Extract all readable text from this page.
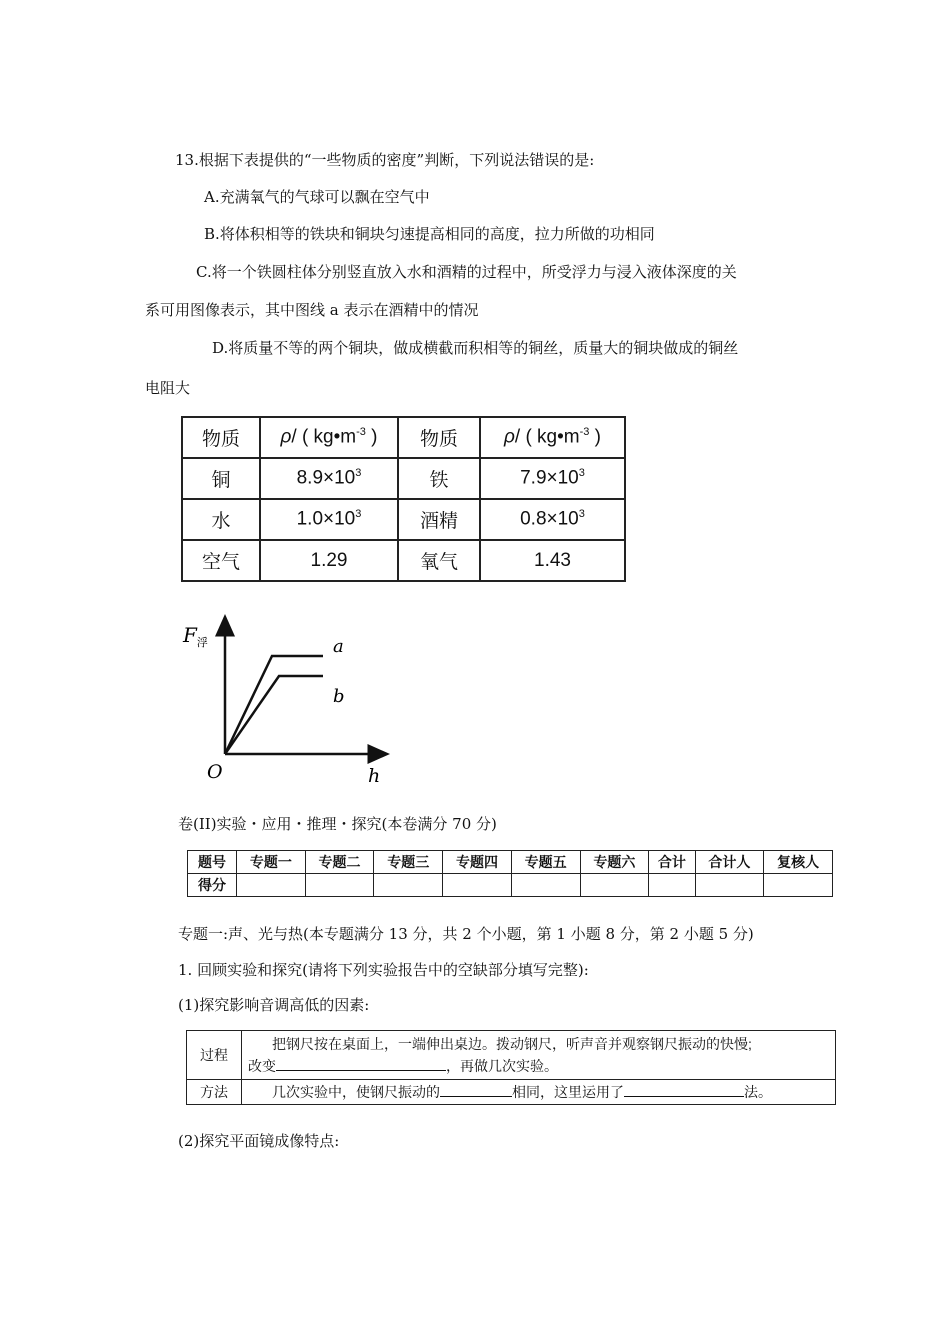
13.根据下表提供的“一些物质的密度”判断，下列说法错误的是:
A.充满氧气的气球可以飘在空气中
B.将体积相等的铁块和铜块匀速提高相同的高度，拉力所做的功相同
C.将一个铁圆柱体分别竖直放入水和酒精的过程中，所受浮力与浸入液体深度的关
系可用图像表示，其中图线 a 表示在酒精中的情况
D.将质量不等的两个铜块，做成横截而积相等的铜丝，质量大的铜块做成的铜丝
电阻大
物质	ρ/ ( $kg•m^{-3}$ )	物质	ρ/ ( $kg•m^{-3}$ )
铜	$8.9\times 10^3$	铁	$7.9\times 10^3$
水	$1.0\times 10^3$	酒精	$0.8\times 10^3$
空气	1.29	氧气	1.43
$F_浮$	a
b
O	h
卷(II)实验・应用・推理・探究(本卷满分 70 分)
题号	专题一	专题二	专题三	专题四	专题五	专题六	合计	合计人	复核人
得分									
专题一:声、光与热(本专题满分 13 分，共 2 个小题，第 1 小题 8 分，第 2 小题 5 分)
1. 回顾实验和探究(请将下列实验报告中的空缺部分填写完整):
(1)探究影响音调高低的因素:
过程	把钢尺按在桌面上，一端伸出桌边。拨动钢尺，听声音并观察钢尺振动的快慢;
改变 ，再做几次实验。

方法	几次实验中，使钢尺振动的 相同，这里运用了 法。
(2)探究平面镜成像特点:
